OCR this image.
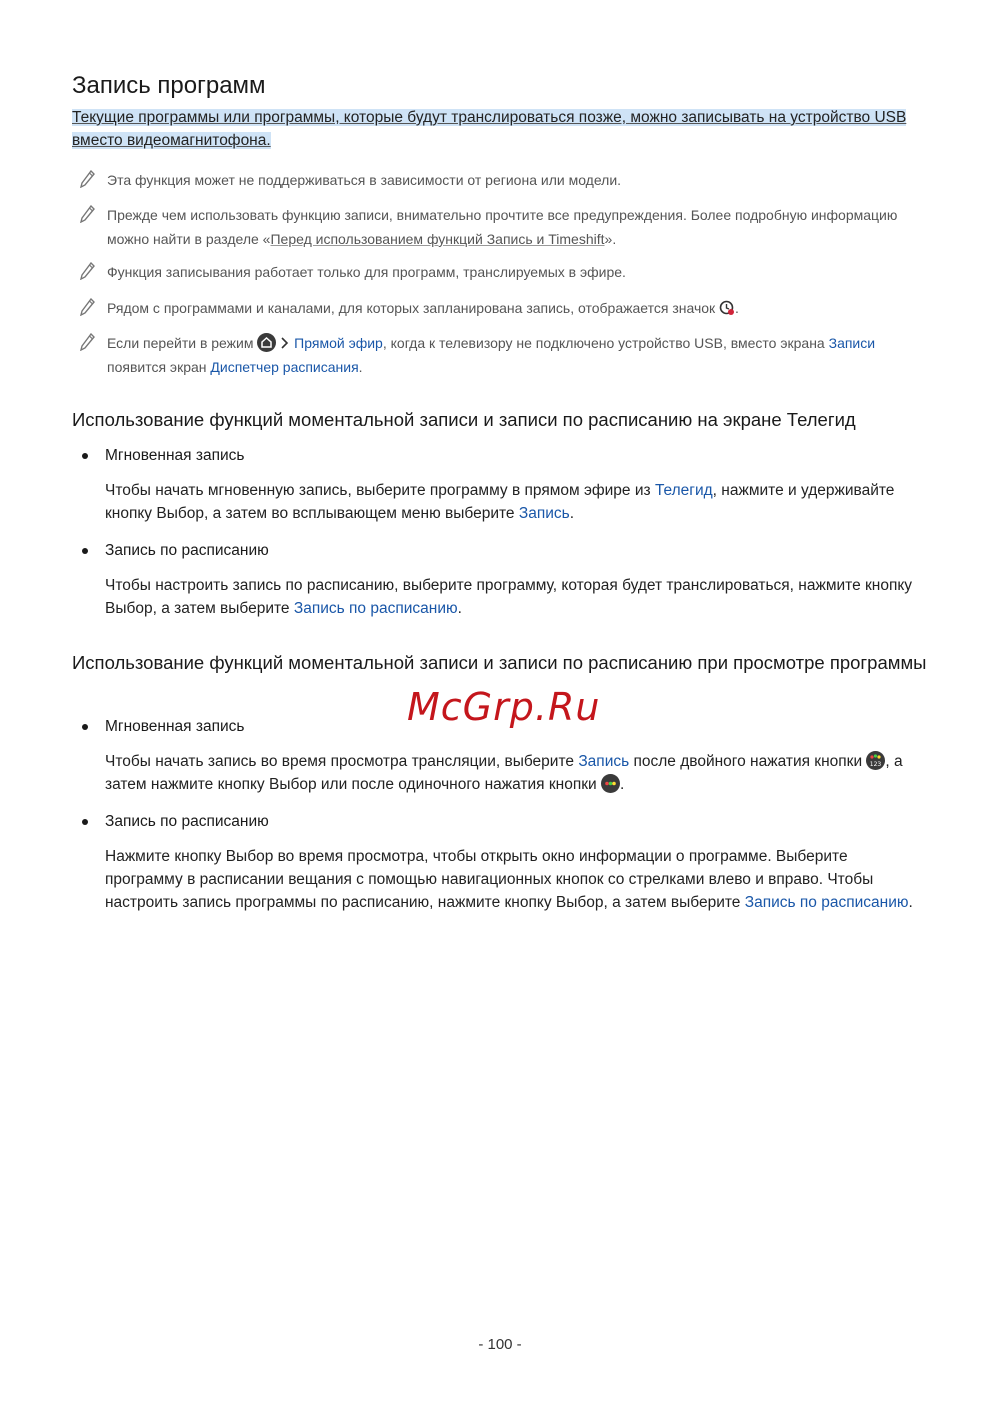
Запись программ
Текущие программы или программы, которые будут транслироваться позже, можно записывать на устройство USB вместо видеомагнитофона.
Эта функция может не поддерживаться в зависимости от региона или модели.
Прежде чем использовать функцию записи, внимательно прочтите все предупреждения. Более подробную информацию можно найти в разделе «Перед использованием функций Запись и Timeshift».
Функция записывания работает только для программ, транслируемых в эфире.
Рядом с программами и каналами, для которых запланирована запись, отображается значок .
Если перейти в режим	Прямой эфир, когда к телевизору не подключено устройство USB, вместо экрана Записи появится экран Диспетчер расписания.
Использование функций моментальной записи и записи по расписанию на экране Телегид
Мгновенная запись
Чтобы начать мгновенную запись, выберите программу в прямом эфире из Телегид, нажмите и удерживайте кнопку Выбор, а затем во всплывающем меню выберите Запись.
Запись по расписанию
Чтобы настроить запись по расписанию, выберите программу, которая будет транслироваться, нажмите кнопку Выбор, а затем выберите Запись по расписанию.
Использование функций моментальной записи и записи по расписанию при просмотре программы
Мгновенная запись
Чтобы начать запись во время просмотра трансляции, выберите Запись после двойного нажатия кнопки 123 , а затем нажмите кнопку Выбор или после одиночного нажатия кнопки .
Запись по расписанию
Нажмите кнопку Выбор во время просмотра, чтобы открыть окно информации о программе. Выберите программу в расписании вещания с помощью навигационных кнопок со стрелками влево и вправо. Чтобы настроить запись программы по расписанию, нажмите кнопку Выбор, а затем выберите Запись по расписанию.
McGrp.Ru
- 100 -
